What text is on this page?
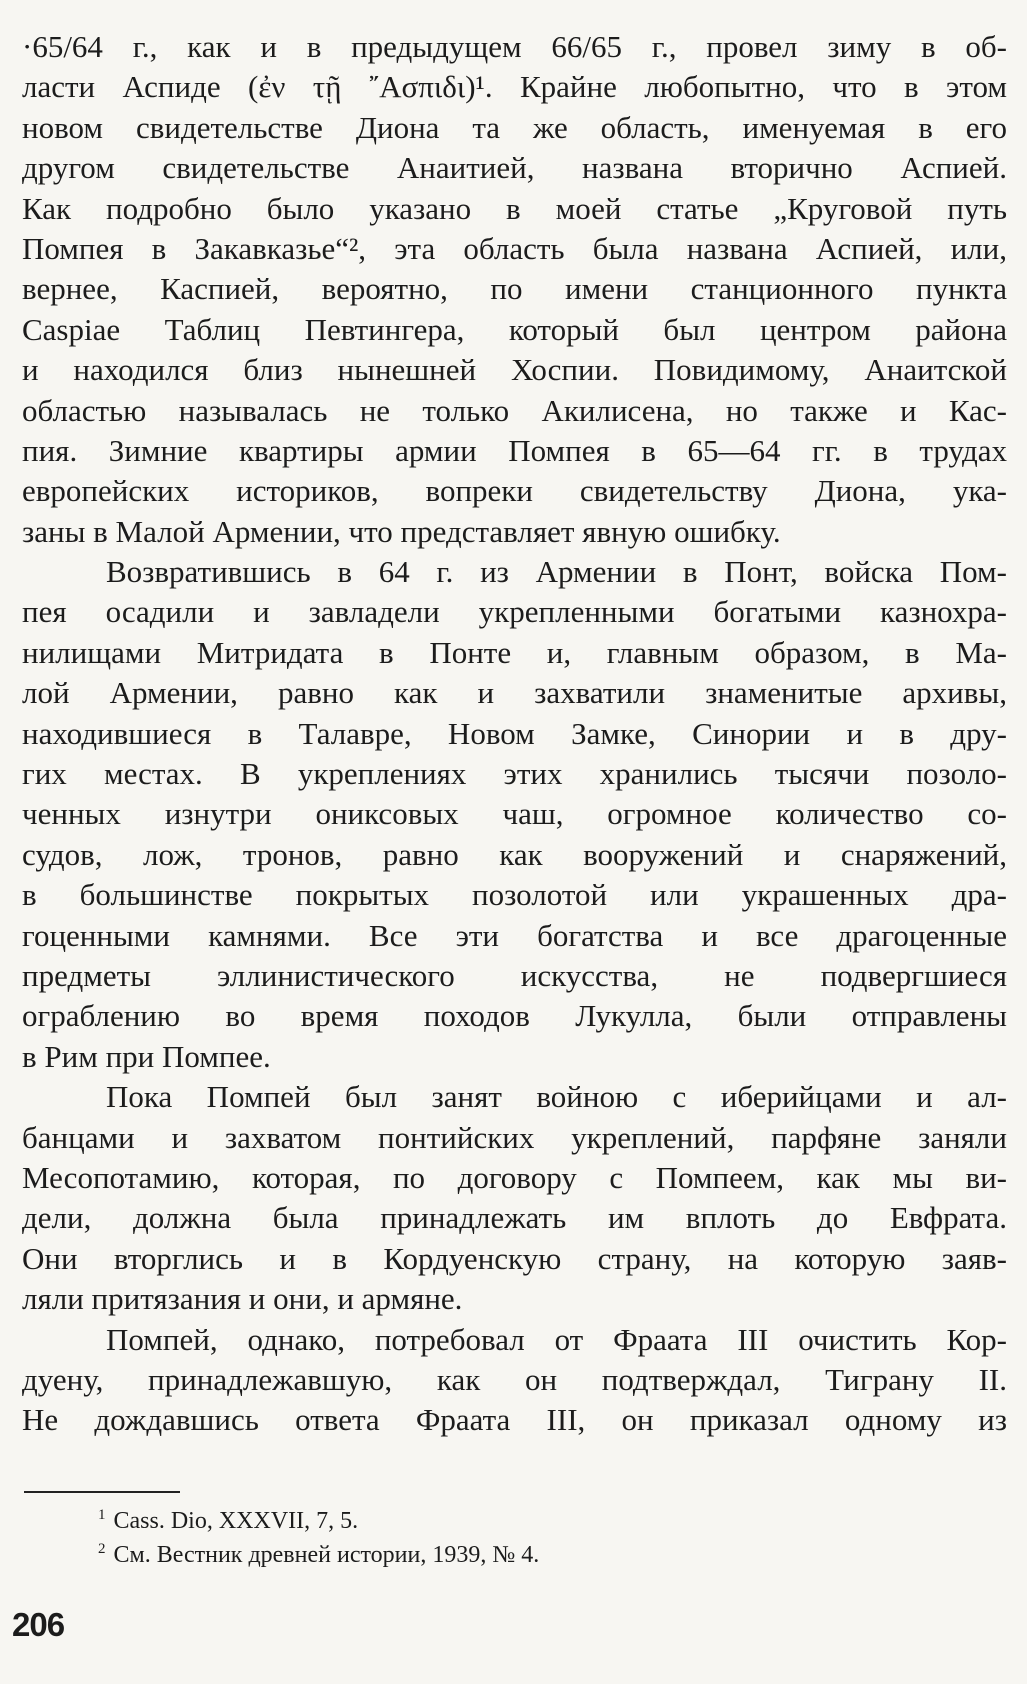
·65/64 г., как и в предыдущем 66/65 г., провел зиму в об-
ласти Аспиде (ἐν τῇ ῎Ασπιδι)¹. Крайне любопытно, что в этом
новом свидетельстве Диона та же область, именуемая в его
другом свидетельстве Анаитией, названа вторично Аспией.
Как подробно было указано в моей статье „Круговой путь
Помпея в Закавказье“², эта область была названа Аспией, или,
вернее, Каспией, вероятно, по имени станционного пункта
Caspiae Таблиц Певтингера, который был центром района
и находился близ нынешней Хоспии. Повидимому, Анаитской
областью называлась не только Акилисена, но также и Кас-
пия. Зимние квартиры армии Помпея в 65—64 гг. в трудах
европейских историков, вопреки свидетельству Диона, ука-
заны в Малой Армении, что представляет явную ошибку.
Возвратившись в 64 г. из Армении в Понт, войска Пом-
пея осадили и завладели укрепленными богатыми казнохра-
нилищами Митридата в Понте и, главным образом, в Ма-
лой Армении, равно как и захватили знаменитые архивы,
находившиеся в Талавре, Новом Замке, Синории и в дру-
гих местах. В укреплениях этих хранились тысячи позоло-
ченных изнутри ониксовых чаш, огромное количество со-
судов, лож, тронов, равно как вооружений и снаряжений,
в большинстве покрытых позолотой или украшенных дра-
гоценными камнями. Все эти богатства и все драгоценные
предметы эллинистического искусства, не подвергшиеся
ограблению во время походов Лукулла, были отправлены
в Рим при Помпее.
Пока Помпей был занят войною с иберийцами и ал-
банцами и захватом понтийских укреплений, парфяне заняли
Месопотамию, которая, по договору с Помпеем, как мы ви-
дели, должна была принадлежать им вплоть до Евфрата.
Они вторглись и в Кордуенскую страну, на которую заяв-
ляли притязания и они, и армяне.
Помпей, однако, потребовал от Фраата III очистить Кор-
дуену, принадлежавшую, как он подтверждал, Тиграну II.
Не дождавшись ответа Фраата III, он приказал одному из
$^1$ Cass. Dio, XXXVII, 7, 5.
$^2$ См. Вестник древней истории, 1939, № 4.
206
